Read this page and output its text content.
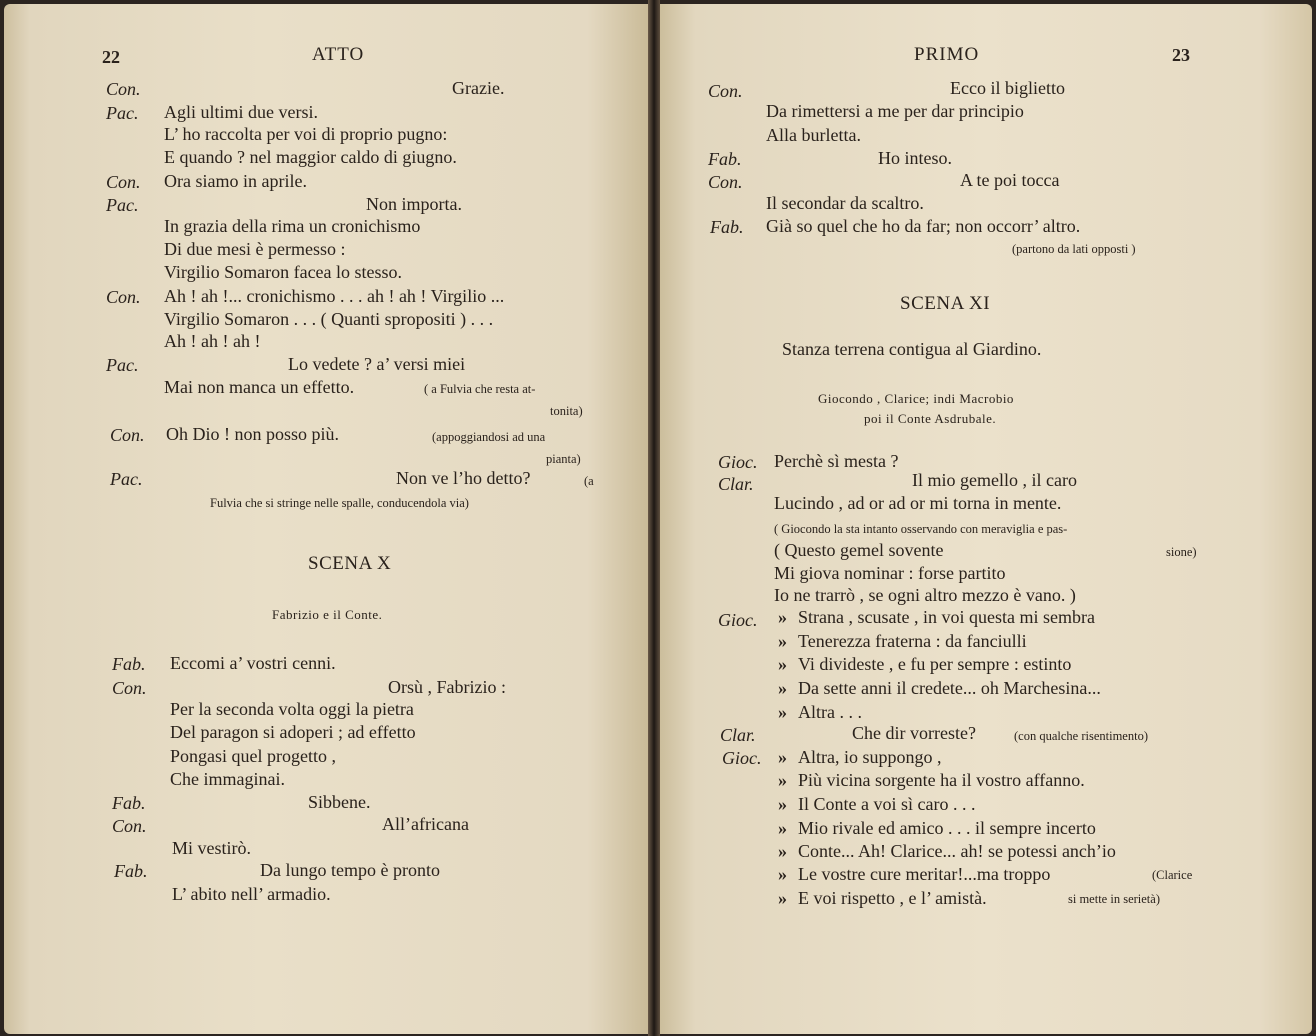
22	ATTO
Con.	Grazie.
Pac. Agli ultimi due versi.
L’ ho raccolta per voi di proprio pugno:
E quando ? nel maggior caldo di giugno.
Con. Ora siamo in aprile.
Pac.	Non importa.
In grazia della rima un cronichismo
Di due mesi è permesso :
Virgilio Somaron facea lo stesso.
Con. Ah ! ah !... cronichismo . . . ah ! ah ! Virgilio ...
Virgilio Somaron . . . ( Quanti spropositi ) . . .
Ah ! ah ! ah !
Pac.	Lo vedete ? a’ versi miei
Mai non manca un effetto.	( a Fulvia che resta at-
tonita)
Con. Oh Dio ! non posso più.	(appoggiandosi ad una
pianta)
Pac.	Non ve l’ho detto?	(a
Fulvia che si stringe nelle spalle, conducendola via)
SCENA X
Fabrizio e il Conte.
Fab. Eccomi a’ vostri cenni.
Con.	Orsù , Fabrizio :
Per la seconda volta oggi la pietra
Del paragon si adoperi ; ad effetto
Pongasi quel progetto ,
Che immaginai.
Fab.	Sibbene.
Con.	All’africana
Mi vestirò.
Fab.	Da lungo tempo è pronto
L’ abito nell’ armadio.
PRIMO	23
Con.	Ecco il biglietto
Da rimettersi a me per dar principio
Alla burletta.
Fab.	Ho inteso.
Con.	A te poi tocca
Il secondar da scaltro.
Fab. Già so quel che ho da far; non occorr’ altro.
(partono da lati opposti )
SCENA XI
Stanza terrena contigua al Giardino.
Giocondo , Clarice; indi Macrobio
poi il Conte Asdrubale.
Gioc. Perchè sì mesta ?
Clar.	Il mio gemello , il caro
Lucindo , ad or ad or mi torna in mente.
( Giocondo la sta intanto osservando con meraviglia e pas-
( Questo gemel sovente	sione)
Mi giova nominar : forse partito
Io ne trarrò , se ogni altro mezzo è vano. )
Gioc. » Strana , scusate , in voi questa mi sembra
» Tenerezza fraterna : da fanciulli
» Vi divideste , e fu per sempre : estinto
» Da sette anni il credete... oh Marchesina...
» Altra . . .
Clar.	Che dir vorreste?	(con qualche risentimento)
Gioc. » Altra, io suppongo ,
» Più vicina sorgente ha il vostro affanno.
» Il Conte a voi sì caro . . .
» Mio rivale ed amico . . . il sempre incerto
» Conte... Ah! Clarice... ah! se potessi anch’io
» Le vostre cure meritar!...ma troppo	(Clarice
» E voi rispetto , e l’ amistà.	si mette in serietà)
